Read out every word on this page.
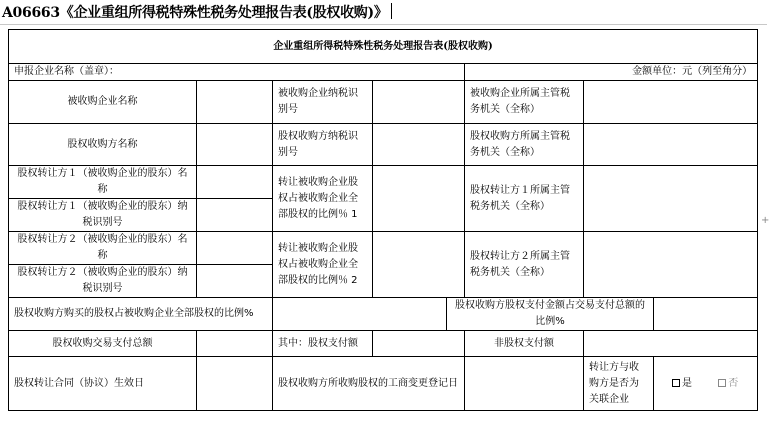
A06663《企业重组所得税特殊性税务处理报告表(股权收购)》
+
企业重组所得税特殊性税务处理报告表(股权收购)							
申报企业名称（盖章）：					金额单位：元（列至角分）		
被收购企业名称		被收购企业纳税识别号			被收购企业所属主管税务机关（全称）		
股权收购方名称		股权收购方纳税识别号			股权收购方所属主管税务机关（全称）		
股权转让方１（被收购企业的股东）名称		转让被收购企业股权占被收购企业全部股权的比例％ 1			股权转让方１所属主管税务机关（全称）		
股权转让方１（被收购企业的股东）纳税识别号							
股权转让方２（被收购企业的股东）名称		转让被收购企业股权占被收购企业全部股权的比例％ 2			股权转让方２所属主管税务机关（全称）		
股权转让方２（被收购企业的股东）纳税识别号							
股权收购方购买的股权占被收购企业全部股权的比例%				股权收购方股权支付金额占交易支付总额的比例%			
股权收购交易支付总额		其中：股权支付额			非股权支付额		
股权转让合同（协议）生效日		股权收购方所收购股权的工商变更登记日				转让方与收购方是否为关联企业	是 否
